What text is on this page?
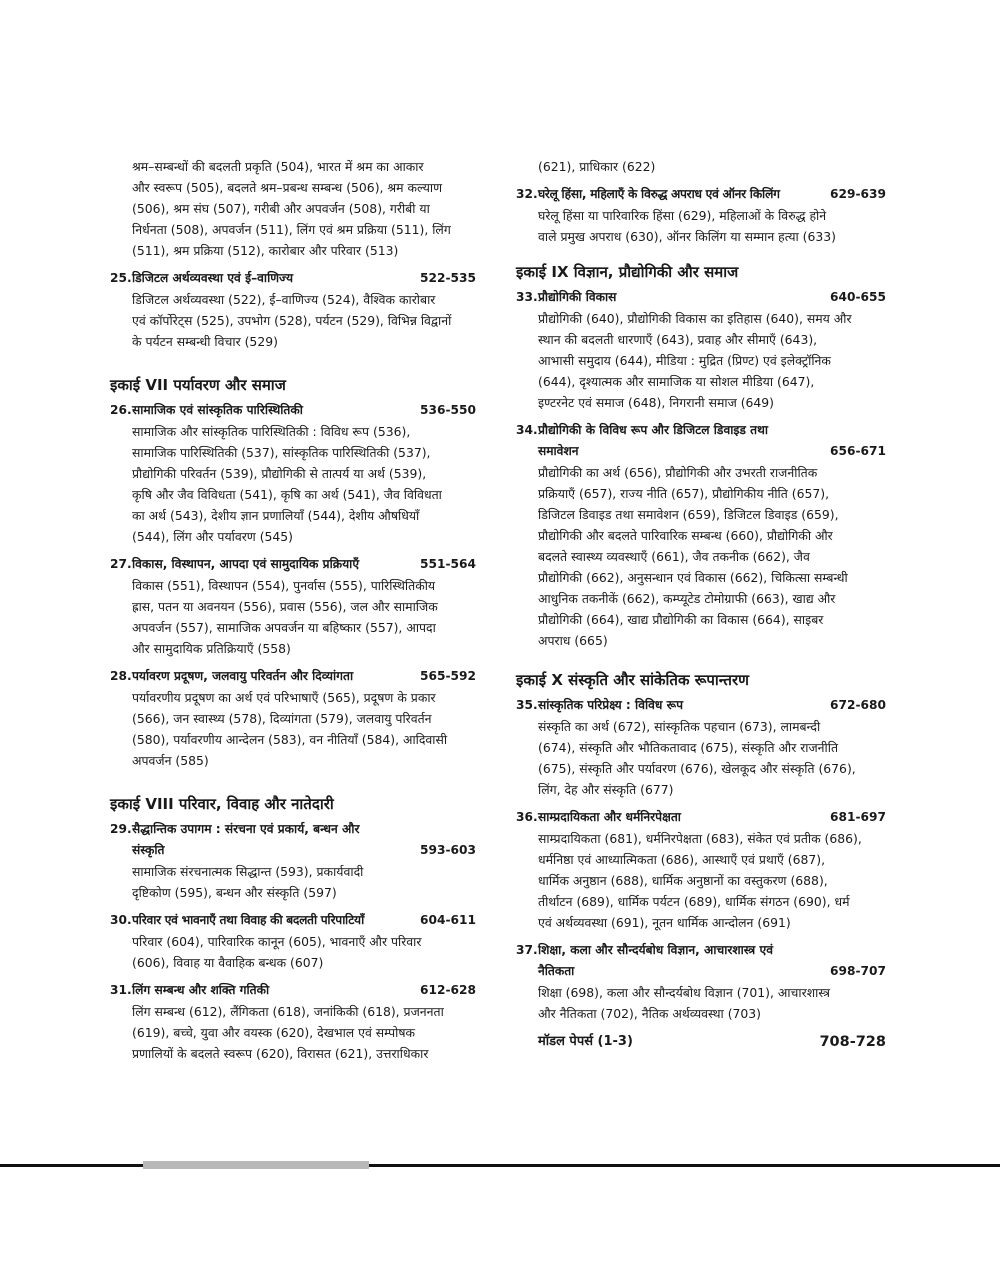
श्रम–सम्बन्धों की बदलती प्रकृति (504), भारत में श्रम का आकार
और स्वरूप (505), बदलते श्रम–प्रबन्ध सम्बन्ध (506), श्रम कल्याण
(506), श्रम संघ (507), गरीबी और अपवर्जन (508), गरीबी या
निर्धनता (508), अपवर्जन (511), लिंग एवं श्रम प्रक्रिया (511), लिंग
(511), श्रम प्रक्रिया (512), कारोबार और परिवार (513)
25. डिजिटल अर्थव्यवस्था एवं ई–वाणिज्य	522-535
डिजिटल अर्थव्यवस्था (522), ई–वाणिज्य (524), वैश्विक कारोबार
एवं कॉर्पोरेट्स (525), उपभोग (528), पर्यटन (529), विभिन्न विद्वानों
के पर्यटन सम्बन्धी विचार (529)
इकाई VII पर्यावरण और समाज
26. सामाजिक एवं सांस्कृतिक पारिस्थितिकी	536-550
सामाजिक और सांस्कृतिक पारिस्थितिकी : विविध रूप (536),
सामाजिक पारिस्थितिकी (537), सांस्कृतिक पारिस्थितिकी (537),
प्रौद्योगिकी परिवर्तन (539), प्रौद्योगिकी से तात्पर्य या अर्थ (539),
कृषि और जैव विविधता (541), कृषि का अर्थ (541), जैव विविधता
का अर्थ (543), देशीय ज्ञान प्रणालियाँ (544), देशीय औषधियाँ
(544), लिंग और पर्यावरण (545)
27. विकास, विस्थापन, आपदा एवं सामुदायिक प्रक्रियाएँ	551-564
विकास (551), विस्थापन (554), पुनर्वास (555), पारिस्थितिकीय
ह्रास, पतन या अवनयन (556), प्रवास (556), जल और सामाजिक
अपवर्जन (557), सामाजिक अपवर्जन या बहिष्कार (557), आपदा
और सामुदायिक प्रतिक्रियाएँ (558)
28. पर्यावरण प्रदूषण, जलवायु परिवर्तन और दिव्यांगता	565-592
पर्यावरणीय प्रदूषण का अर्थ एवं परिभाषाएँ (565), प्रदूषण के प्रकार
(566), जन स्वास्थ्य (578), दिव्यांगता (579), जलवायु परिवर्तन
(580), पर्यावरणीय आन्देलन (583), वन नीतियाँ (584), आदिवासी
अपवर्जन (585)
इकाई VIII परिवार, विवाह और नातेदारी
29. सैद्धान्तिक उपागम : संरचना एवं प्रकार्य, बन्धन और
संस्कृति	593-603
सामाजिक संरचनात्मक सिद्धान्त (593), प्रकार्यवादी
दृष्टिकोण (595), बन्धन और संस्कृति (597)
30. परिवार एवं भावनाएँ तथा विवाह की बदलती परिपाटियाँ	604-611
परिवार (604), पारिवारिक कानून (605), भावनाएँ और परिवार
(606), विवाह या वैवाहिक बन्धक (607)
31. लिंग सम्बन्ध और शक्ति गतिकी	612-628
लिंग सम्बन्ध (612), लैंगिकता (618), जनांकिकी (618), प्रजननता
(619), बच्चे, युवा और वयस्क (620), देखभाल एवं सम्पोषक
प्रणालियों के बदलते स्वरूप (620), विरासत (621), उत्तराधिकार
(621), प्राधिकार (622)
32. घरेलू हिंसा, महिलाएँ के विरुद्ध अपराध एवं ऑनर किलिंग	629-639
घरेलू हिंसा या पारिवारिक हिंसा (629), महिलाओं के विरुद्ध होने
वाले प्रमुख अपराध (630), ऑनर किलिंग या सम्मान हत्या (633)
इकाई IX विज्ञान, प्रौद्योगिकी और समाज
33. प्रौद्योगिकी विकास	640-655
प्रौद्योगिकी (640), प्रौद्योगिकी विकास का इतिहास (640), समय और
स्थान की बदलती धारणाएँ (643), प्रवाह और सीमाएँ (643),
आभासी समुदाय (644), मीडिया : मुद्रित (प्रिण्ट) एवं इलेक्ट्रॉनिक
(644), दृश्यात्मक और सामाजिक या सोशल मीडिया (647),
इण्टरनेट एवं समाज (648), निगरानी समाज (649)
34. प्रौद्योगिकी के विविध रूप और डिजिटल डिवाइड तथा
समावेशन	656-671
प्रौद्योगिकी का अर्थ (656), प्रौद्योगिकी और उभरती राजनीतिक
प्रक्रियाएँ (657), राज्य नीति (657), प्रौद्योगिकीय नीति (657),
डिजिटल डिवाइड तथा समावेशन (659), डिजिटल डिवाइड (659),
प्रौद्योगिकी और बदलते पारिवारिक सम्बन्ध (660), प्रौद्योगिकी और
बदलते स्वास्थ्य व्यवस्थाएँ (661), जैव तकनीक (662), जैव
प्रौद्योगिकी (662), अनुसन्धान एवं विकास (662), चिकित्सा सम्बन्धी
आधुनिक तकनीकें (662), कम्प्यूटेड टोमोग्राफी (663), खाद्य और
प्रौद्योगिकी (664), खाद्य प्रौद्योगिकी का विकास (664), साइबर
अपराध (665)
इकाई X संस्कृति और सांकेतिक रूपान्तरण
35. सांस्कृतिक परिप्रेक्ष्य : विविध रूप	672-680
संस्कृति का अर्थ (672), सांस्कृतिक पहचान (673), लामबन्दी
(674), संस्कृति और भौतिकतावाद (675), संस्कृति और राजनीति
(675), संस्कृति और पर्यावरण (676), खेलकूद और संस्कृति (676),
लिंग, देह और संस्कृति (677)
36. साम्प्रदायिकता और धर्मनिरपेक्षता	681-697
साम्प्रदायिकता (681), धर्मनिरपेक्षता (683), संकेत एवं प्रतीक (686),
धर्मनिष्ठा एवं आध्यात्मिकता (686), आस्थाएँ एवं प्रथाएँ (687),
धार्मिक अनुष्ठान (688), धार्मिक अनुष्ठानों का वस्तुकरण (688),
तीर्थाटन (689), धार्मिक पर्यटन (689), धार्मिक संगठन (690), धर्म
एवं अर्थव्यवस्था (691), नूतन धार्मिक आन्दोलन (691)
37. शिक्षा, कला और सौन्दर्यबोध विज्ञान, आचारशास्त्र एवं
नैतिकता	698-707
शिक्षा (698), कला और सौन्दर्यबोध विज्ञान (701), आचारशास्त्र
और नैतिकता (702), नैतिक अर्थव्यवस्था (703)
मॉडल पेपर्स (1-3)	708-728
